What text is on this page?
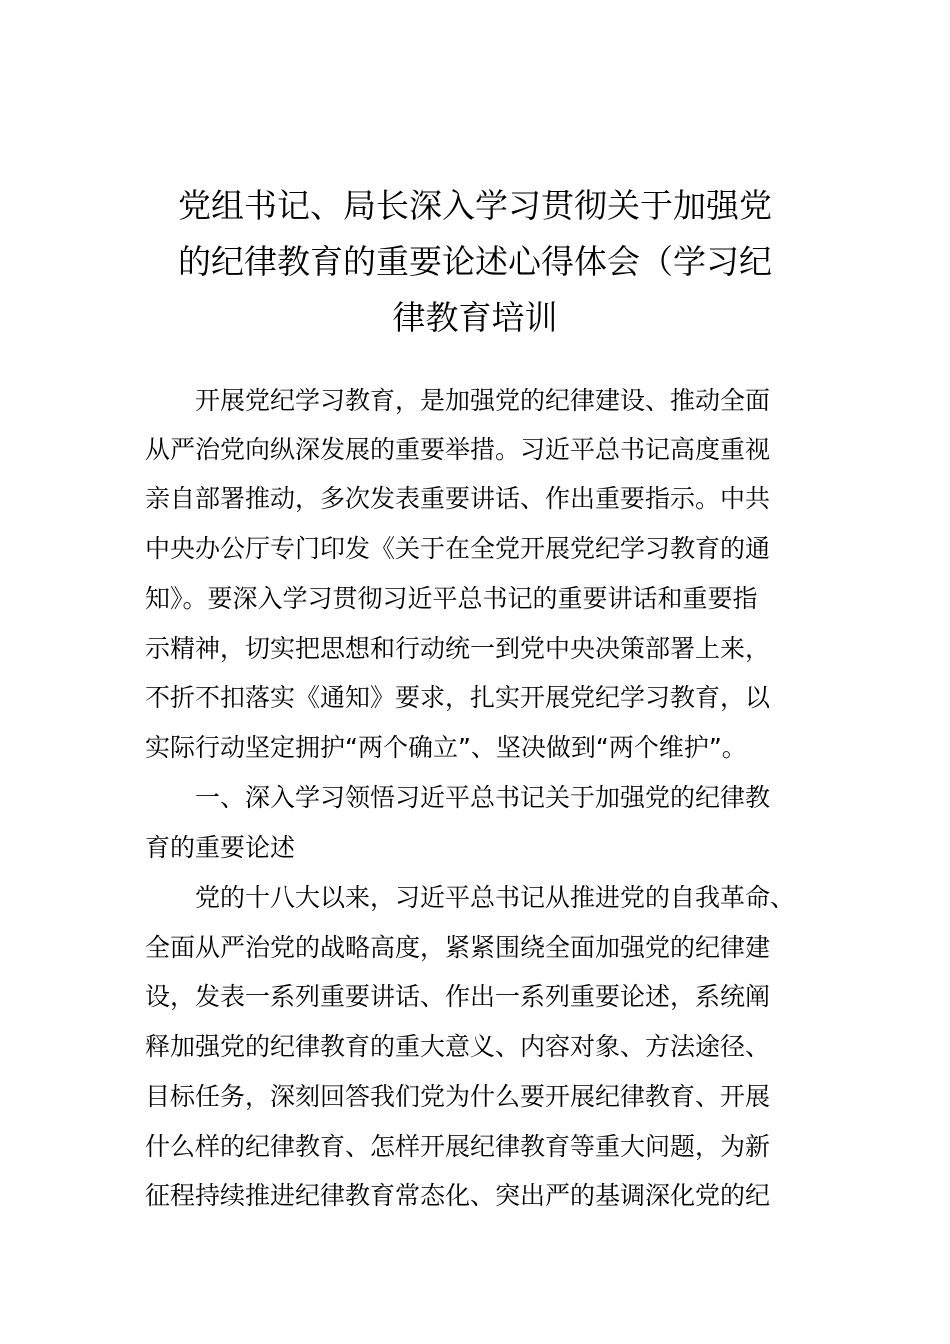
党组书记、局长深入学习贯彻关于加强党
的纪律教育的重要论述心得体会（学习纪
律教育培训

开展党纪学习教育，是加强党的纪律建设、推动全面

从严治党向纵深发展的重要举措。习近平总书记高度重视

亲自部署推动，多次发表重要讲话、作出重要指示。中共

中央办公厅专门印发《关于在全党开展党纪学习教育的通

知》。要深入学习贯彻习近平总书记的重要讲话和重要指

示精神，切实把思想和行动统一到党中央决策部署上来，

不折不扣落实《通知》要求，扎实开展党纪学习教育，以

实际行动坚定拥护“两个确立”、坚决做到“两个维护”。

一、深入学习领悟习近平总书记关于加强党的纪律教

育的重要论述

党的十八大以来，习近平总书记从推进党的自我革命、

全面从严治党的战略高度，紧紧围绕全面加强党的纪律建

设，发表一系列重要讲话、作出一系列重要论述，系统阐

释加强党的纪律教育的重大意义、内容对象、方法途径、

目标任务，深刻回答我们党为什么要开展纪律教育、开展

什么样的纪律教育、怎样开展纪律教育等重大问题，为新

征程持续推进纪律教育常态化、突出严的基调深化党的纪
